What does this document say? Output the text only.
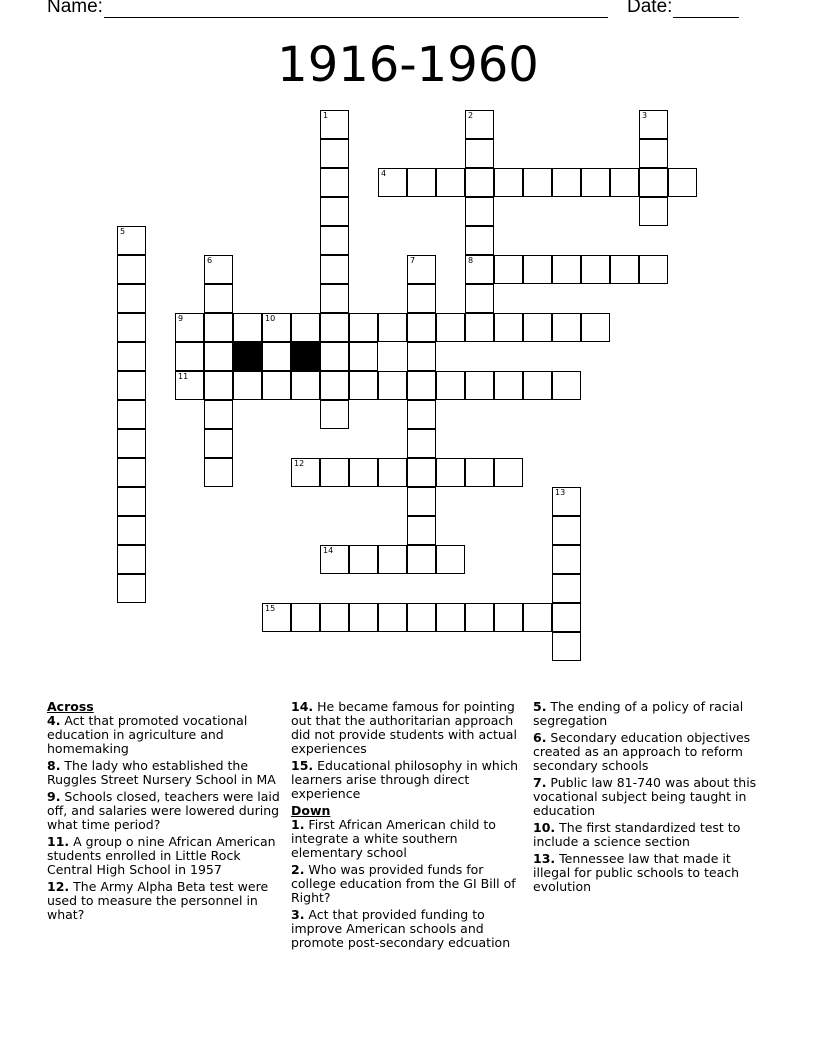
Name:	Date:
1916-1960
1	2
8
3
4
5
6	7
9	10
11
12
13
14
15
Across
4. Act that promoted vocational education in agriculture and homemaking
8. The lady who established the Ruggles Street Nursery School in MA
9. Schools closed, teachers were laid off, and salaries were lowered during what time period?
11. A group o nine African American students enrolled in Little Rock Central High School in 1957
12. The Army Alpha Beta test were used to measure the personnel in what?
14. He became famous for pointing out that the authoritarian approach did not provide students with actual experiences
15. Educational philosophy in which learners arise through direct experience
Down
1. First African American child to integrate a white southern elementary school
2. Who was provided funds for college education from the GI Bill of Right?
3. Act that provided funding to improve American schools and promote post-secondary edcuation
5. The ending of a policy of racial segregation
6. Secondary education objectives created as an approach to reform secondary schools
7. Public law 81-740 was about this vocational subject being taught in education
10. The first standardized test to include a science section
13. Tennessee law that made it illegal for public schools to teach evolution
